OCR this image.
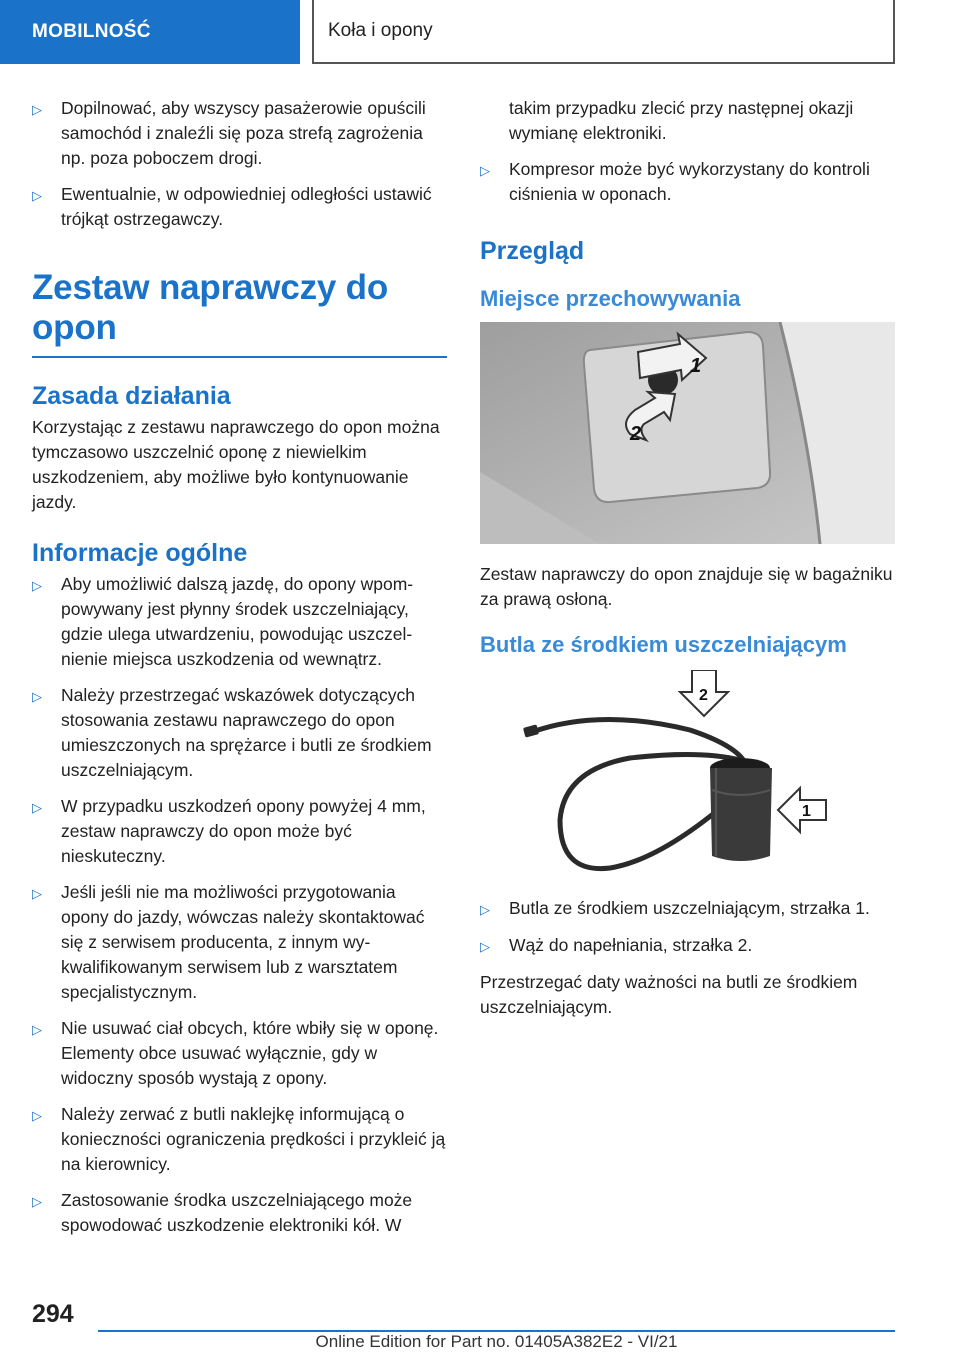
MOBILNOŚĆ	Koła i opony
▷	Dopilnować, aby wszyscy pasażerowie opuścili samochód i znaleźli się poza strefą zagrożenia np. poza poboczem drogi.
▷	Ewentualnie, w odpowiedniej odległości ustawić trójkąt ostrzegawczy.
Zestaw naprawczy do opon
Zasada działania

Korzystając z zestawu naprawczego do opon można tymczasowo uszczelnić oponę z niewielkim uszkodzeniem, aby możliwe było kontynuowanie jazdy.

Informacje ogólne
▷	Aby umożliwić dalszą jazdę, do opony wpompowywany jest płynny środek uszczelniający, gdzie ulega utwardzeniu, powodując uszczelnienie miejsca uszkodzenia od wewnątrz.
▷	Należy przestrzegać wskazówek dotyczących stosowania zestawu naprawczego do opon umieszczonych na sprężarce i butli ze środkiem uszczelniającym.
▷	W przypadku uszkodzeń opony powyżej 4 mm, zestaw naprawczy do opon może być nieskuteczny.
▷	Jeśli jeśli nie ma możliwości przygotowania opony do jazdy, wówczas należy skontaktować się z serwisem producenta, z innym wykwalifikowanym serwisem lub z warsztatem specjalistycznym.
▷	Nie usuwać ciał obcych, które wbiły się w oponę. Elementy obce usuwać wyłącznie, gdy w widoczny sposób wystają z opony.
▷	Należy zerwać z butli naklejkę informującą o konieczności ograniczenia prędkości i przykleić ją na kierownicy.
▷	Zastosowanie środka uszczelniającego może spowodować uszkodzenie elektroniki kół. W
takim przypadku zlecić przy następnej okazji wymianę elektroniki.
▷	Kompresor może być wykorzystany do kontroli ciśnienia w oponach.
Przegląd
Miejsce przechowywania
1
2

Zestaw naprawczy do opon znajduje się w bagażniku za prawą osłoną.

Butla ze środkiem uszczelniającym
2
1
▷	Butla ze środkiem uszczelniającym, strzałka 1.
▷	Wąż do napełniania, strzałka 2.

Przestrzegać daty ważności na butli ze środkiem uszczelniającym.

294
Online Edition for Part no. 01405A382E2 - VI/21
